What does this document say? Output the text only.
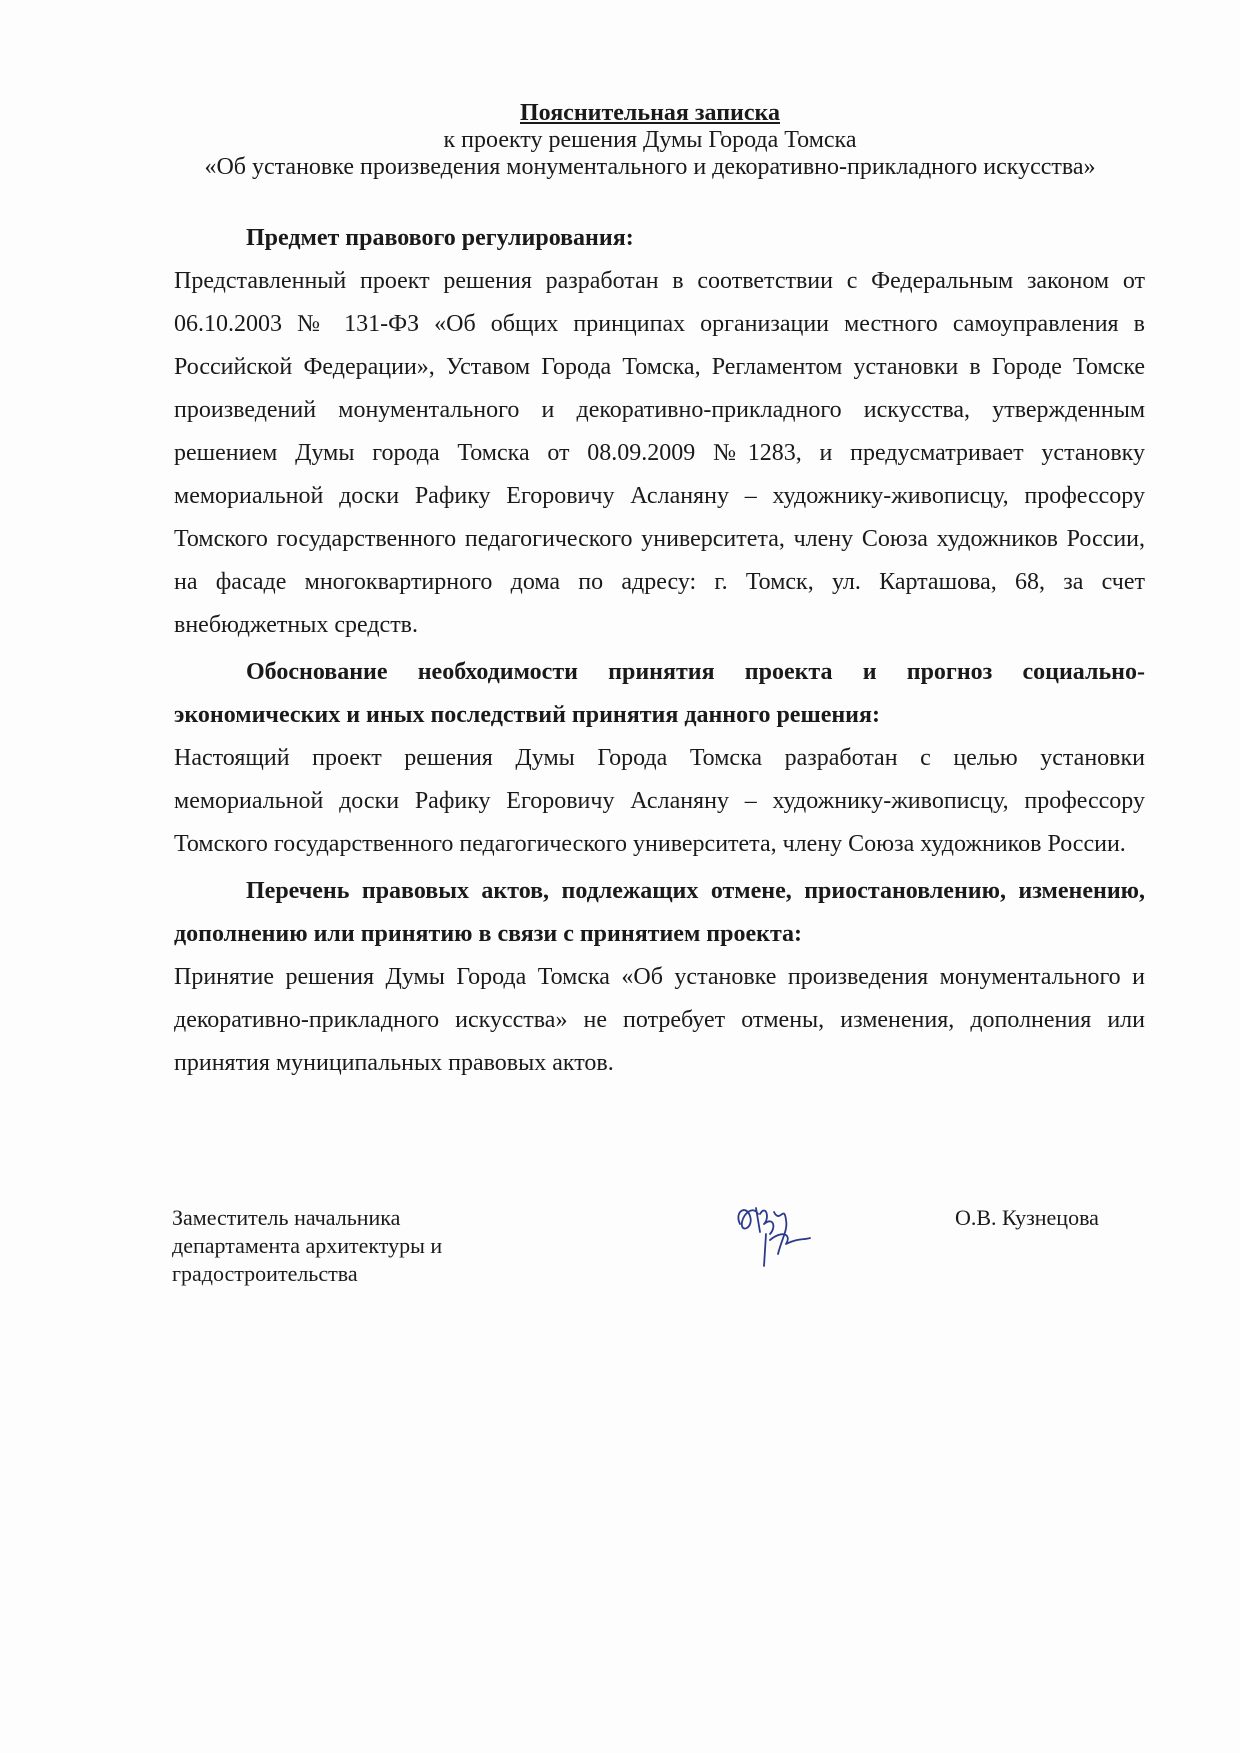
Пояснительная записка
к проекту решения Думы Города Томска
«Об установке произведения монументального и декоративно-прикладного искусства»

Предмет правового регулирования:

Представленный проект решения разработан в соответствии с Федеральным законом от 06.10.2003 № 131-ФЗ «Об общих принципах организации местного самоуправления в Российской Федерации», Уставом Города Томска, Регламентом установки в Городе Томске произведений монументального и декоративно-прикладного искусства, утвержденным решением Думы города Томска от 08.09.2009 №1283, и предусматривает установку мемориальной доски Рафику Егоровичу Асланяну – художнику-живописцу, профессору Томского государственного педагогического университета, члену Союза художников России, на фасаде многоквартирного дома по адресу: г. Томск, ул. Карташова, 68, за счет внебюджетных средств.

Обоснование необходимости принятия проекта и прогноз социально-экономических и иных последствий принятия данного решения:

Настоящий проект решения Думы Города Томска разработан с целью установки мемориальной доски Рафику Егоровичу Асланяну – художнику-живописцу, профессору Томского государственного педагогического университета, члену Союза художников России.

Перечень правовых актов, подлежащих отмене, приостановлению, изменению, дополнению или принятию в связи с принятием проекта:

Принятие решения Думы Города Томска «Об установке произведения монументального и декоративно-прикладного искусства» не потребует отмены, изменения, дополнения или принятия муниципальных правовых актов.

Заместитель начальника
департамента архитектуры и
градостроительства
О.В. Кузнецова
